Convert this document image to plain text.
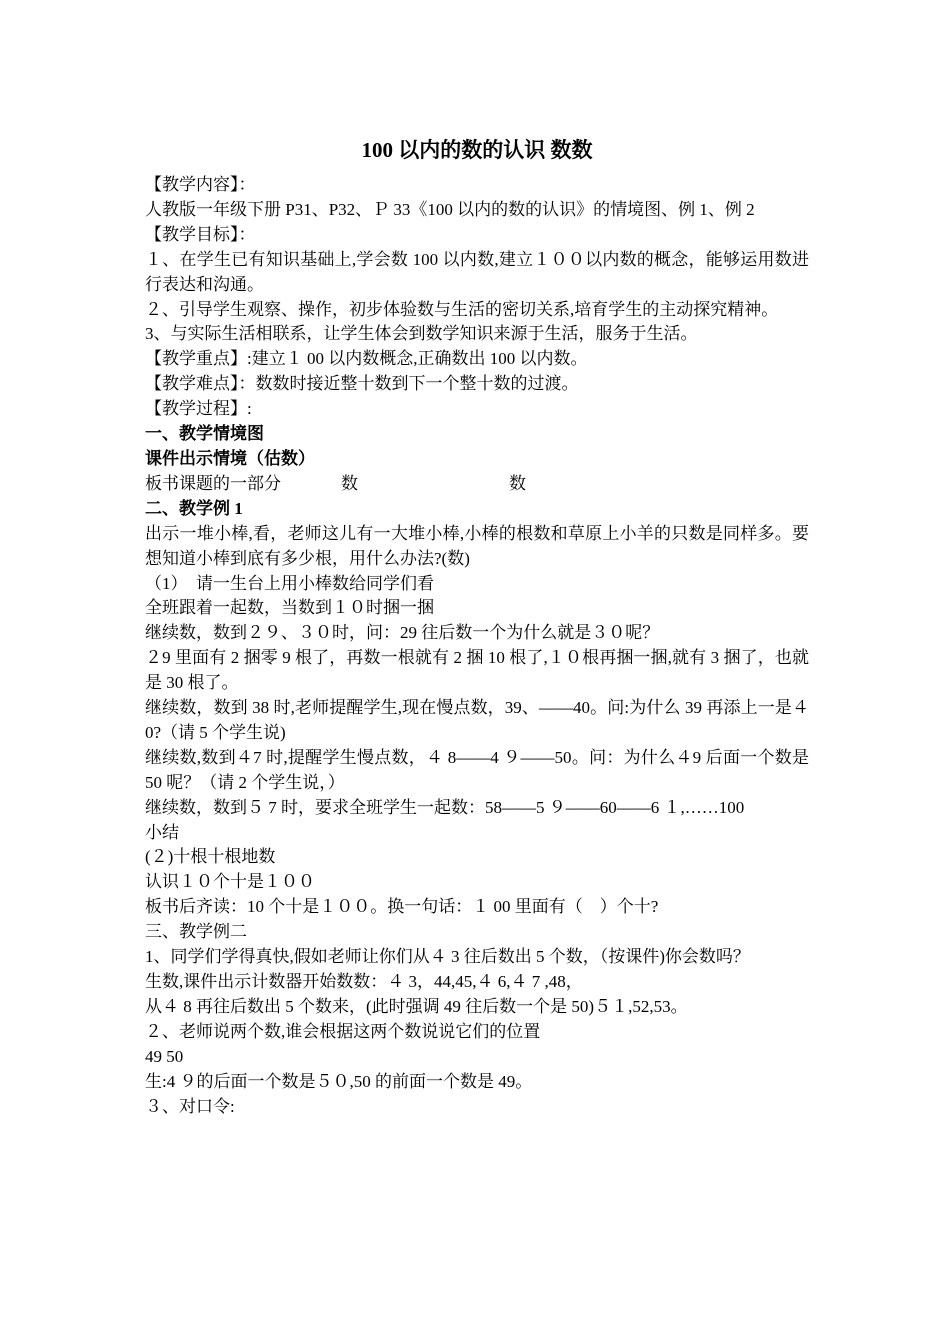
100 以内的数的认识 数数

【教学内容】：

人教版一年级下册 P31、P32、Ｐ 33《100 以内的数的认识》的情境图、例 1、例 2

【教学目标】：

１、在学生已有知识基础上,学会数 100 以内数,建立１００以内数的概念，能够运用数进行表达和沟通。

２、引导学生观察、操作，初步体验数与生活的密切关系,培育学生的主动探究精神。

3、与实际生活相联系，让学生体会到数学知识来源于生活，服务于生活。

【教学重点】:建立１ 00 以内数概念,正确数出 100 以内数。

【教学难点】：数数时接近整十数到下一个整十数的过渡。

【教学过程】:

一、教学情境图

课件出示情境（估数）

板书课题的一部分	数	数

二、教学例 1

出示一堆小棒,看，老师这儿有一大堆小棒,小棒的根数和草原上小羊的只数是同样多。要想知道小棒到底有多少根，用什么办法?(数)

（1）  请一生台上用小棒数给同学们看

全班跟着一起数，当数到１０时捆一捆

继续数，数到２９、３０时，问：29 往后数一个为什么就是３０呢？

２9 里面有 2 捆零 9 根了，再数一根就有 2 捆 10 根了,１０根再捆一捆,就有 3 捆了，也就是 30 根了。

继续数，数到 38 时,老师提醒学生,现在慢点数，39、——40。问:为什么 39 再添上一是４ 0?（请 5 个学生说)

继续数,数到４7 时,提醒学生慢点数，４ 8——4 ９——50。问：为什么４9 后面一个数是 50 呢？（请 2 个学生说，）

继续数，数到５ 7 时，要求全班学生一起数：58——5 ９——60——6 １,……100

小结

(２)十根十根地数

认识１０个十是１００

板书后齐读：10 个十是１００。换一句话：１ 00 里面有（    ）个十?

三、教学例二

1、同学们学得真快,假如老师让你们从４ 3 往后数出 5 个数，（按课件)你会数吗？

生数,课件出示计数器开始数数：４ 3，44,45,４ 6,４ 7 ,48，

从４ 8 再往后数出 5 个数来，(此时强调 49 往后数一个是 50)５１,52,53。

２、老师说两个数,谁会根据这两个数说说它们的位置

49 50

生:4 ９的后面一个数是５０,50 的前面一个数是 49。

３、对口令:
